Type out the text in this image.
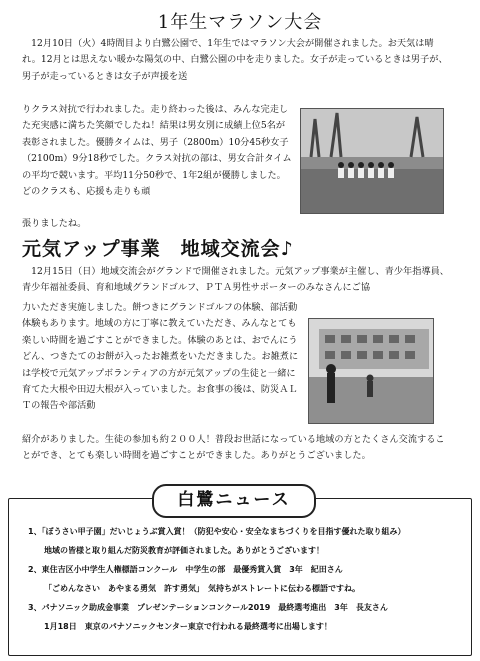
1年生マラソン大会

　12月10日（火）4時間目より白鷺公園で、1年生ではマラソン大会が開催されました。お天気は晴れ。12月とは思えない暖かな陽気の中、白鷺公園の中を走りました。女子が走っているときは男子が、男子が走っているときは女子が声援を送

りクラス対抗で行われました。走り終わった後は、みんな完走した充実感に満ちた笑顔でしたね！結果は男女別に成績上位5名が表彰されました。優勝タイムは、男子（2800m）10分45秒女子（2100m）9分18秒でした。クラス対抗の部は、男女合計タイムの平均で競います。平均11分50秒で、1年2組が優勝しました。どのクラスも、応援も走りも頑

張りましたね。

元気アップ事業　地域交流会♪

　12月15日（日）地域交流会がグランドで開催されました。元気アップ事業が主催し、青少年指導員、青少年福祉委員、育和地域グランドゴルフ、ＰＴＡ男性サポーターのみなさんにご協

力いただき実施しました。餅つきにグランドゴルフの体験、部活動体験もあります。地域の方に丁寧に教えていただき、みんなとても楽しい時間を過ごすことができました。体験のあとは、おでんにうどん、つきたてのお餅が入ったお雑煮をいただきました。お雑煮には学校で元気アップボランティアの方が元気アップの生徒と一緒に育てた大根や田辺大根が入っていました。お食事の後は、防災ＡＬＴの報告や部活動

紹介がありました。生徒の参加も約２００人！普段お世話になっている地域の方とたくさん交流することができ、とても楽しい時間を過ごすことができました。ありがとうございました。

白鷺ニュース
1、「ぼうさい甲子園」だいじょうぶ賞入賞！（防犯や安心・安全なまちづくりを目指す優れた取り組み）
地域の皆様と取り組んだ防災教育が評価されました。ありがとうございます！
2、東住吉区小中学生人権標語コンクール　中学生の部　最優秀賞入賞　3年　紀田さん
「ごめんなさい　あやまる勇気　許す勇気」　気持ちがストレートに伝わる標語ですね。
3、パナソニック助成金事業　プレゼンテーションコンクール2019　最終選考進出　3年　長友さん
1月18日　東京のパナソニックセンター東京で行われる最終選考に出場します！
